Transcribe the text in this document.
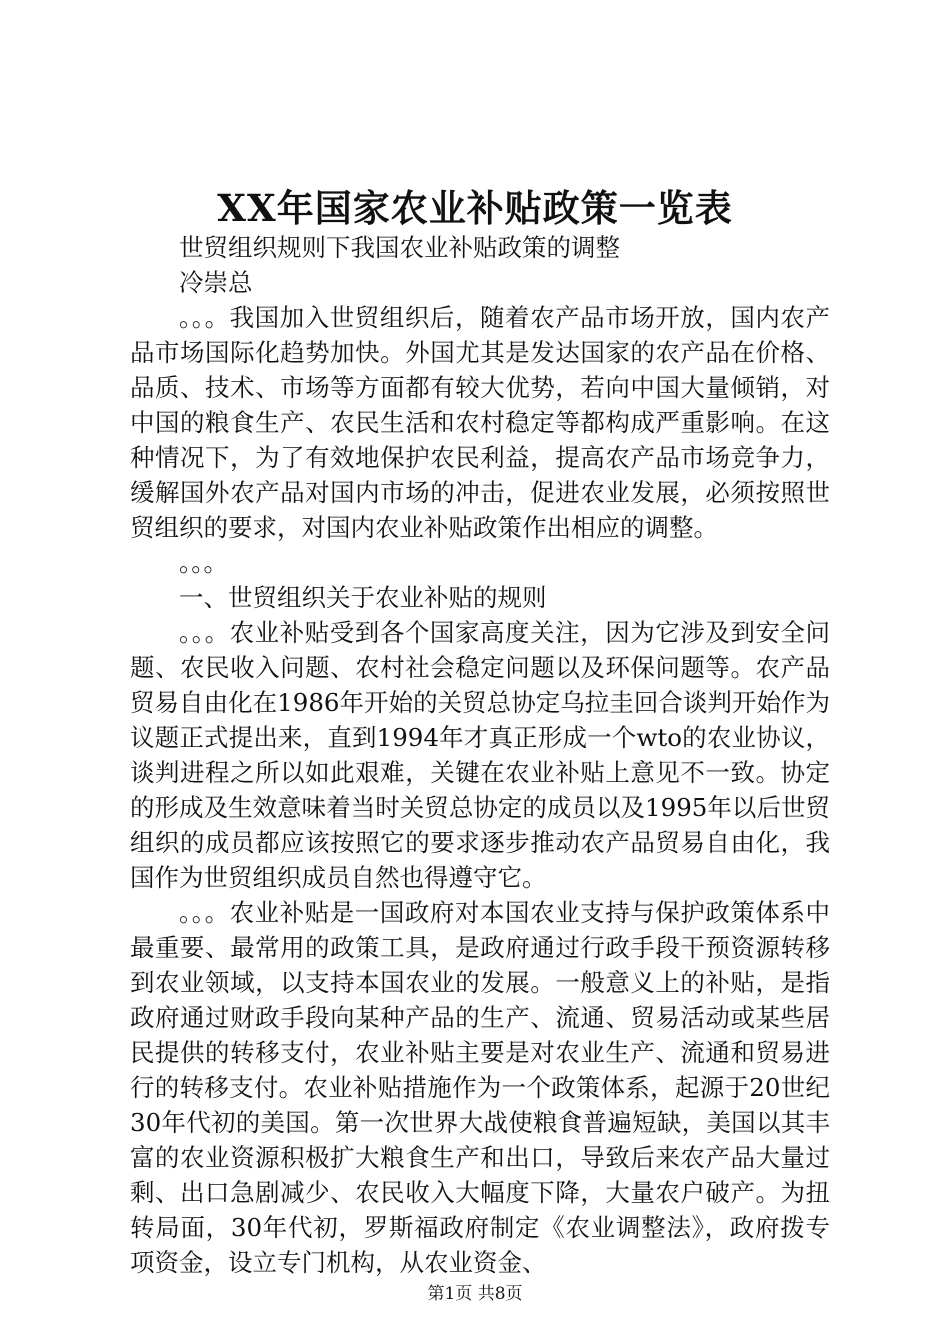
XX年国家农业补贴政策一览表

世贸组织规则下我国农业补贴政策的调整

冷崇总

。。。我国加入世贸组织后，随着农产品市场开放，国内农产品市场国际化趋势加快。外国尤其是发达国家的农产品在价格、品质、技术、市场等方面都有较大优势，若向中国大量倾销，对中国的粮食生产、农民生活和农村稳定等都构成严重影响。在这种情况下，为了有效地保护农民利益，提高农产品市场竞争力，缓解国外农产品对国内市场的冲击，促进农业发展，必须按照世贸组织的要求，对国内农业补贴政策作出相应的调整。

。。。

一、世贸组织关于农业补贴的规则

。。。农业补贴受到各个国家高度关注，因为它涉及到安全问题、农民收入问题、农村社会稳定问题以及环保问题等。农产品贸易自由化在1986年开始的关贸总协定乌拉圭回合谈判开始作为议题正式提出来，直到1994年才真正形成一个wto的农业协议，谈判进程之所以如此艰难，关键在农业补贴上意见不一致。协定的形成及生效意味着当时关贸总协定的成员以及1995年以后世贸组织的成员都应该按照它的要求逐步推动农产品贸易自由化，我国作为世贸组织成员自然也得遵守它。

。。。农业补贴是一国政府对本国农业支持与保护政策体系中最重要、最常用的政策工具，是政府通过行政手段干预资源转移到农业领域，以支持本国农业的发展。一般意义上的补贴，是指政府通过财政手段向某种产品的生产、流通、贸易活动或某些居民提供的转移支付，农业补贴主要是对农业生产、流通和贸易进行的转移支付。农业补贴措施作为一个政策体系，起源于20世纪30年代初的美国。第一次世界大战使粮食普遍短缺，美国以其丰富的农业资源积极扩大粮食生产和出口，导致后来农产品大量过剩、出口急剧减少、农民收入大幅度下降，大量农户破产。为扭转局面，30年代初，罗斯福政府制定《农业调整法》，政府拨专项资金，设立专门机构，从农业资金、

第1页 共8页
